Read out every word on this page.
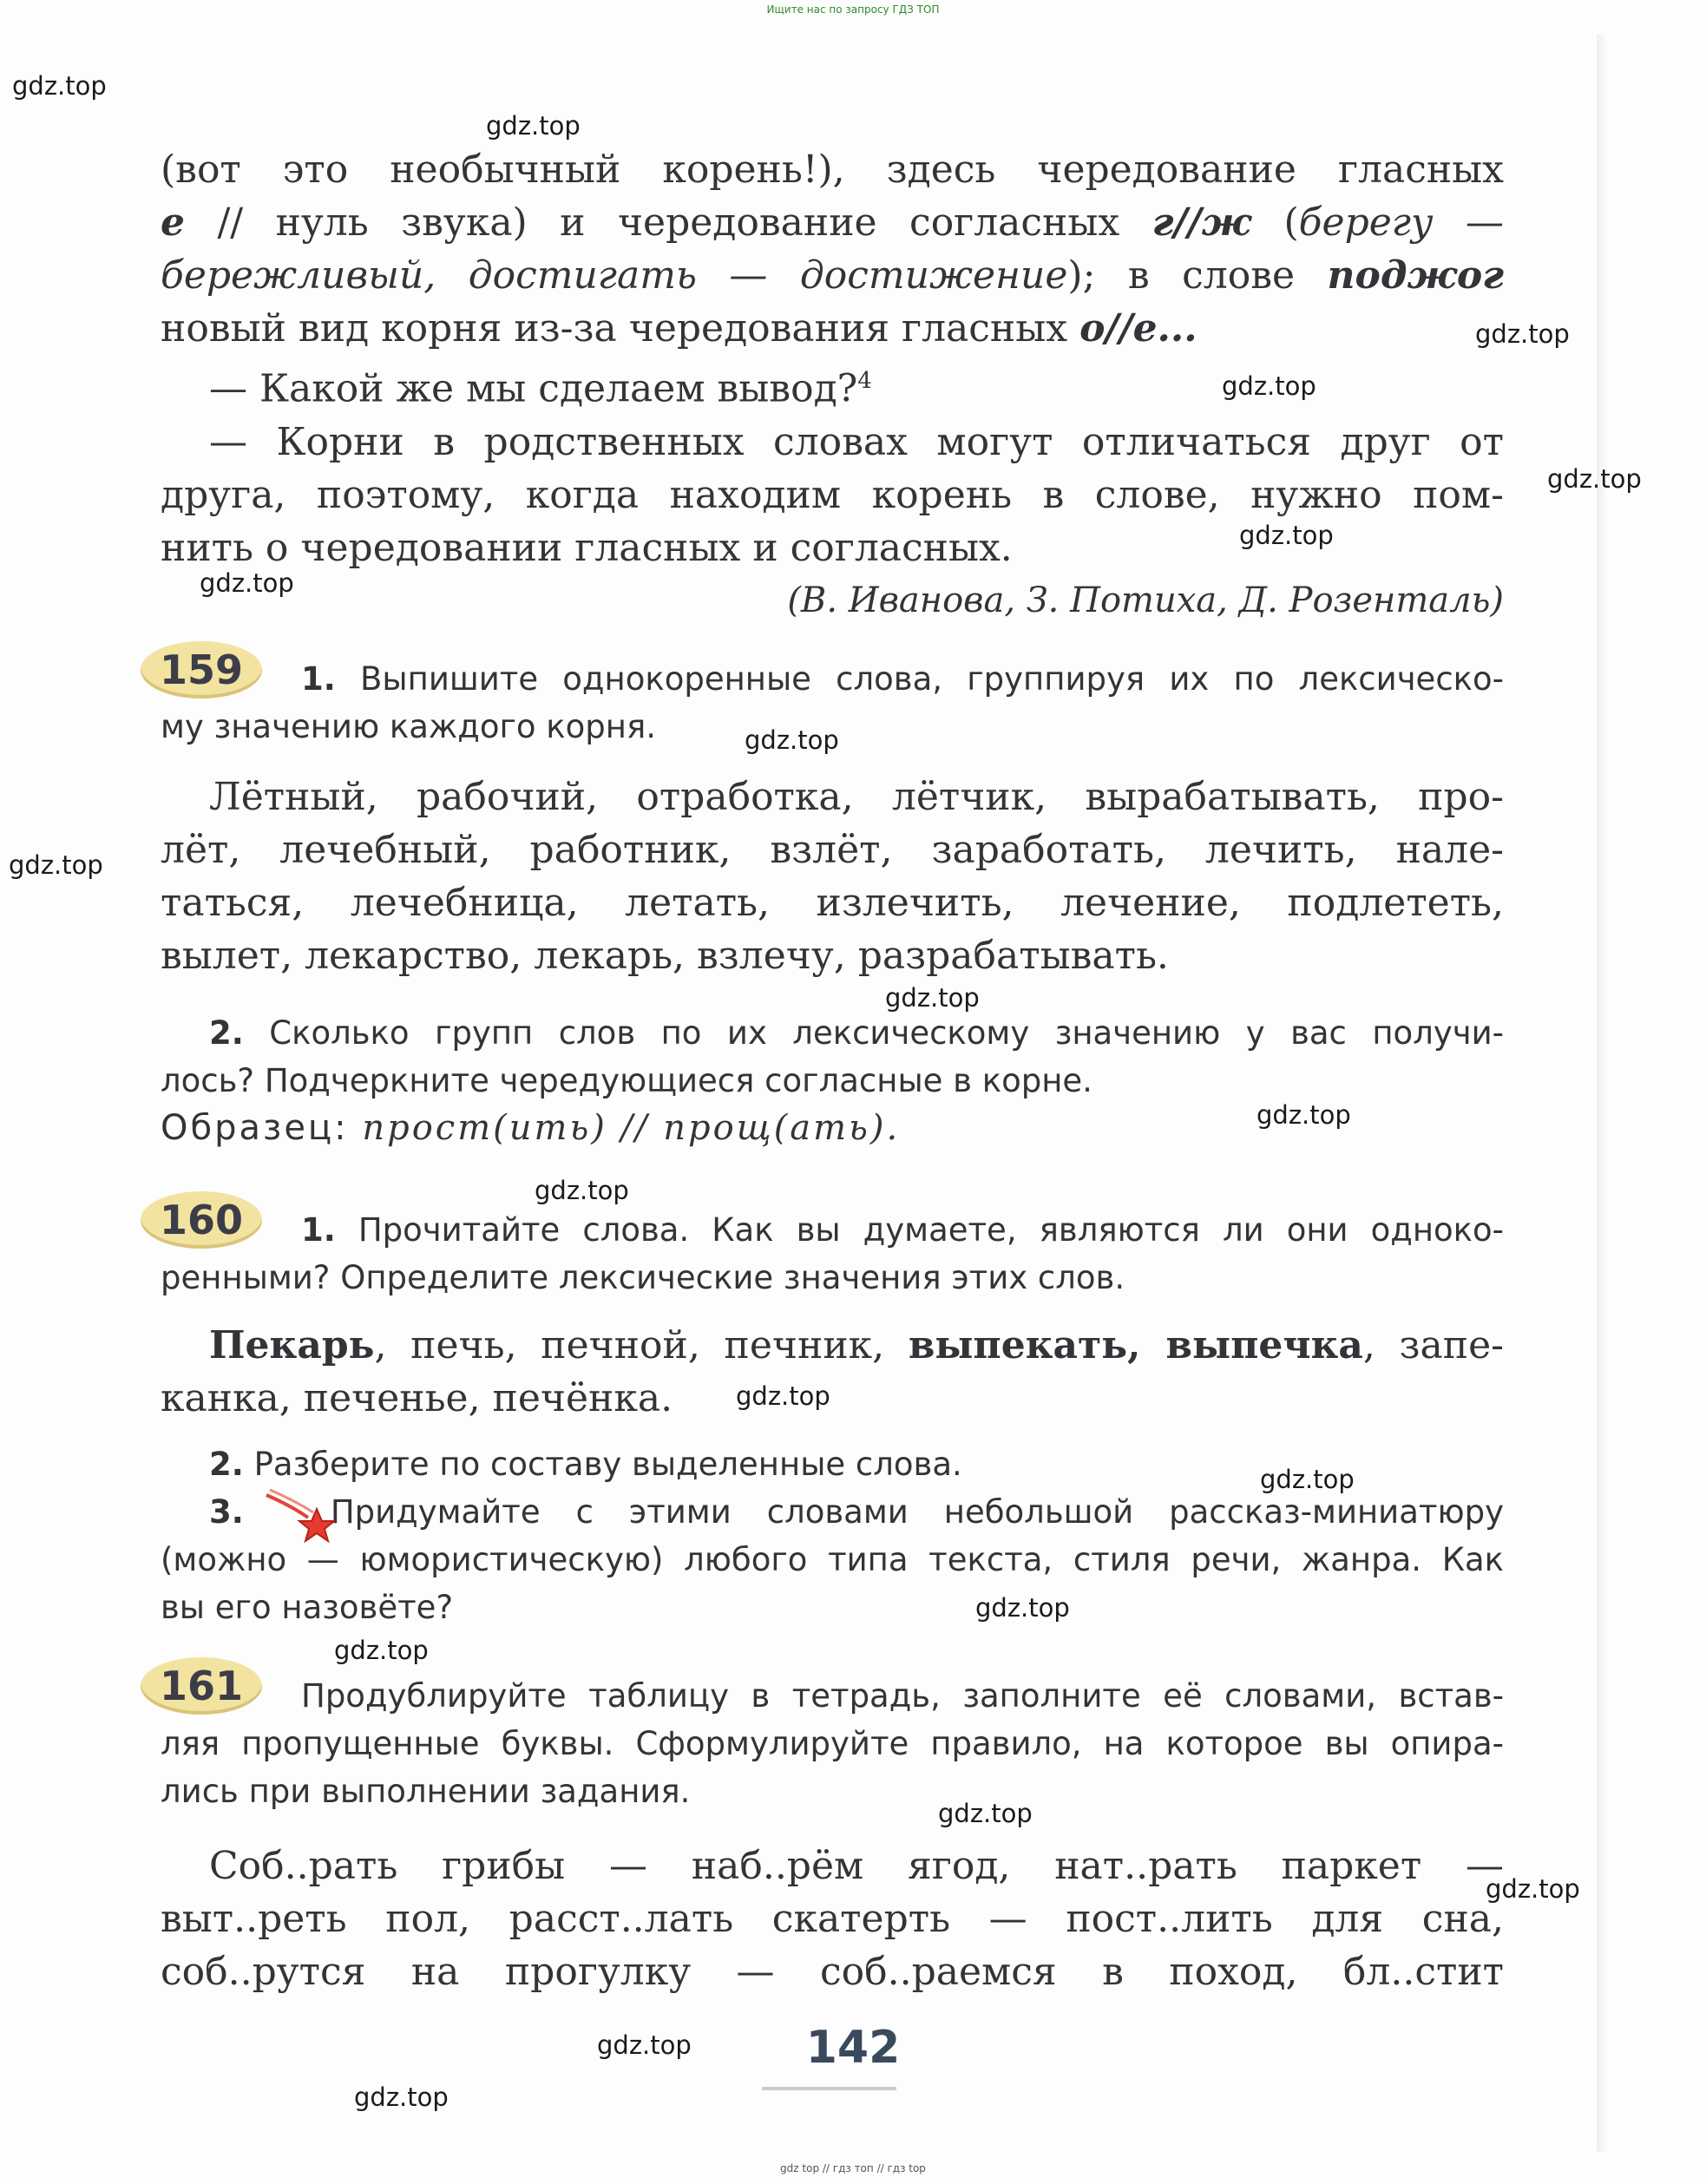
Ищите нас по запросу ГДЗ ТОП
gdz.top
gdz.top
gdz.top
gdz.top
gdz.top
gdz.top
gdz.top
gdz.top
gdz.top
gdz.top
gdz.top
gdz.top
gdz.top
gdz.top
gdz.top
gdz.top
gdz.top
gdz.top
gdz.top
gdz.top
(вот это необычный корень!), здесь чередование гласных
е // нуль звука) и чередование согласных г//ж (берегу —
бережливый, достигать — достижение); в слове поджог
новый вид корня из-за чередования гласных о//е...
— Какой же мы сделаем вывод?$^4$
— Корни в родственных словах могут отличаться друг от
друга, поэтому, когда находим корень в слове, нужно пом-
нить о чередовании гласных и согласных.
(В. Иванова, З. Потиха, Д. Розенталь)
159	1. Выпишите однокоренные слова, группируя их по лексическо-
му значению каждого корня.
Лётный, рабочий, отработка, лётчик, вырабатывать, про-
лёт, лечебный, работник, взлёт, заработать, лечить, нале-
таться, лечебница, летать, излечить, лечение, подлететь,
вылет, лекарство, лекарь, взлечу, разрабатывать.
2. Сколько групп слов по их лексическому значению у вас получи-
лось? Подчеркните чередующиеся согласные в корне.
Образец: прост(ить) // прощ(ать).
160	1. Прочитайте слова. Как вы думаете, являются ли они одноко-
ренными? Определите лексические значения этих слов.
Пекарь, печь, печной, печник, выпекать, выпечка, запе-
канка, печенье, печёнка.
2. Разберите по составу выделенные слова.
3.	Придумайте с этими словами небольшой рассказ-миниатюру
(можно — юмористическую) любого типа текста, стиля речи, жанра. Как
вы его назовёте?
161	Продублируйте таблицу в тетрадь, заполните её словами, встав-
ляя пропущенные буквы. Сформулируйте правило, на которое вы опира-
лись при выполнении задания.
Соб..рать грибы — наб..рём ягод, нат..рать паркет —
выт..реть пол, расст..лать скатерть — пост..лить для сна,
соб..рутся на прогулку — соб..раемся в поход, бл..стит
142
gdz top // гдз топ // гдз top
